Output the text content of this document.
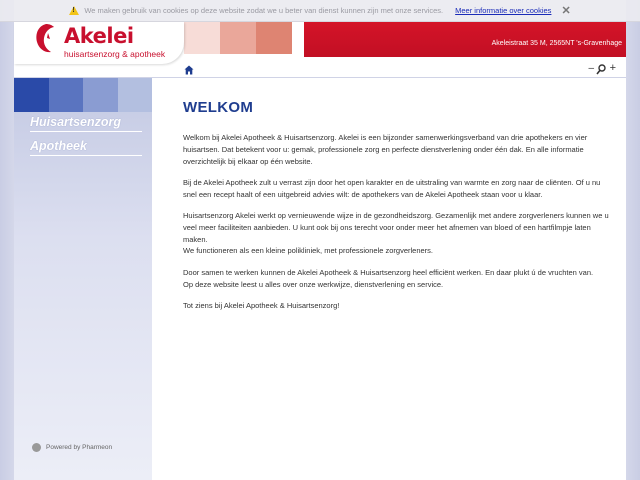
!
We maken gebruik van cookies op deze website zodat we u beter van dienst kunnen zijn met onze services. Meer informatie over cookies ✕
Akelei
huisartsenzorg & apotheek
Akeleistraat 35 M, 2565NT 's-Gravenhage
– +
Huisartsenzorg
Apotheek
Powered by Pharmeon
WELKOM

Welkom bij Akelei Apotheek & Huisartsenzorg. Akelei is een bijzonder samenwerkingsverband van drie apothekers en vier huisartsen. Dat betekent voor u: gemak, professionele zorg en perfecte dienstverlening onder één dak. En alle informatie overzichtelijk bij elkaar op één website.

Bij de Akelei Apotheek zult u verrast zijn door het open karakter en de uitstraling van warmte en zorg naar de cliënten. Of u nu snel een recept haalt of een uitgebreid advies wilt: de apothekers van de Akelei Apotheek staan voor u klaar.

Huisartsenzorg Akelei werkt op vernieuwende wijze in de gezondheidszorg. Gezamenlijk met andere zorgverleners kunnen we u veel meer faciliteiten aanbieden. U kunt ook bij ons terecht voor onder meer het afnemen van bloed of een hartfilmpje laten maken.
We functioneren als een kleine polikliniek, met professionele zorgverleners.

Door samen te werken kunnen de Akelei Apotheek & Huisartsenzorg heel efficiënt werken. En daar plukt ú de vruchten van.
Op deze website leest u alles over onze werkwijze, dienstverlening en service.

Tot ziens bij Akelei Apotheek & Huisartsenzorg!
